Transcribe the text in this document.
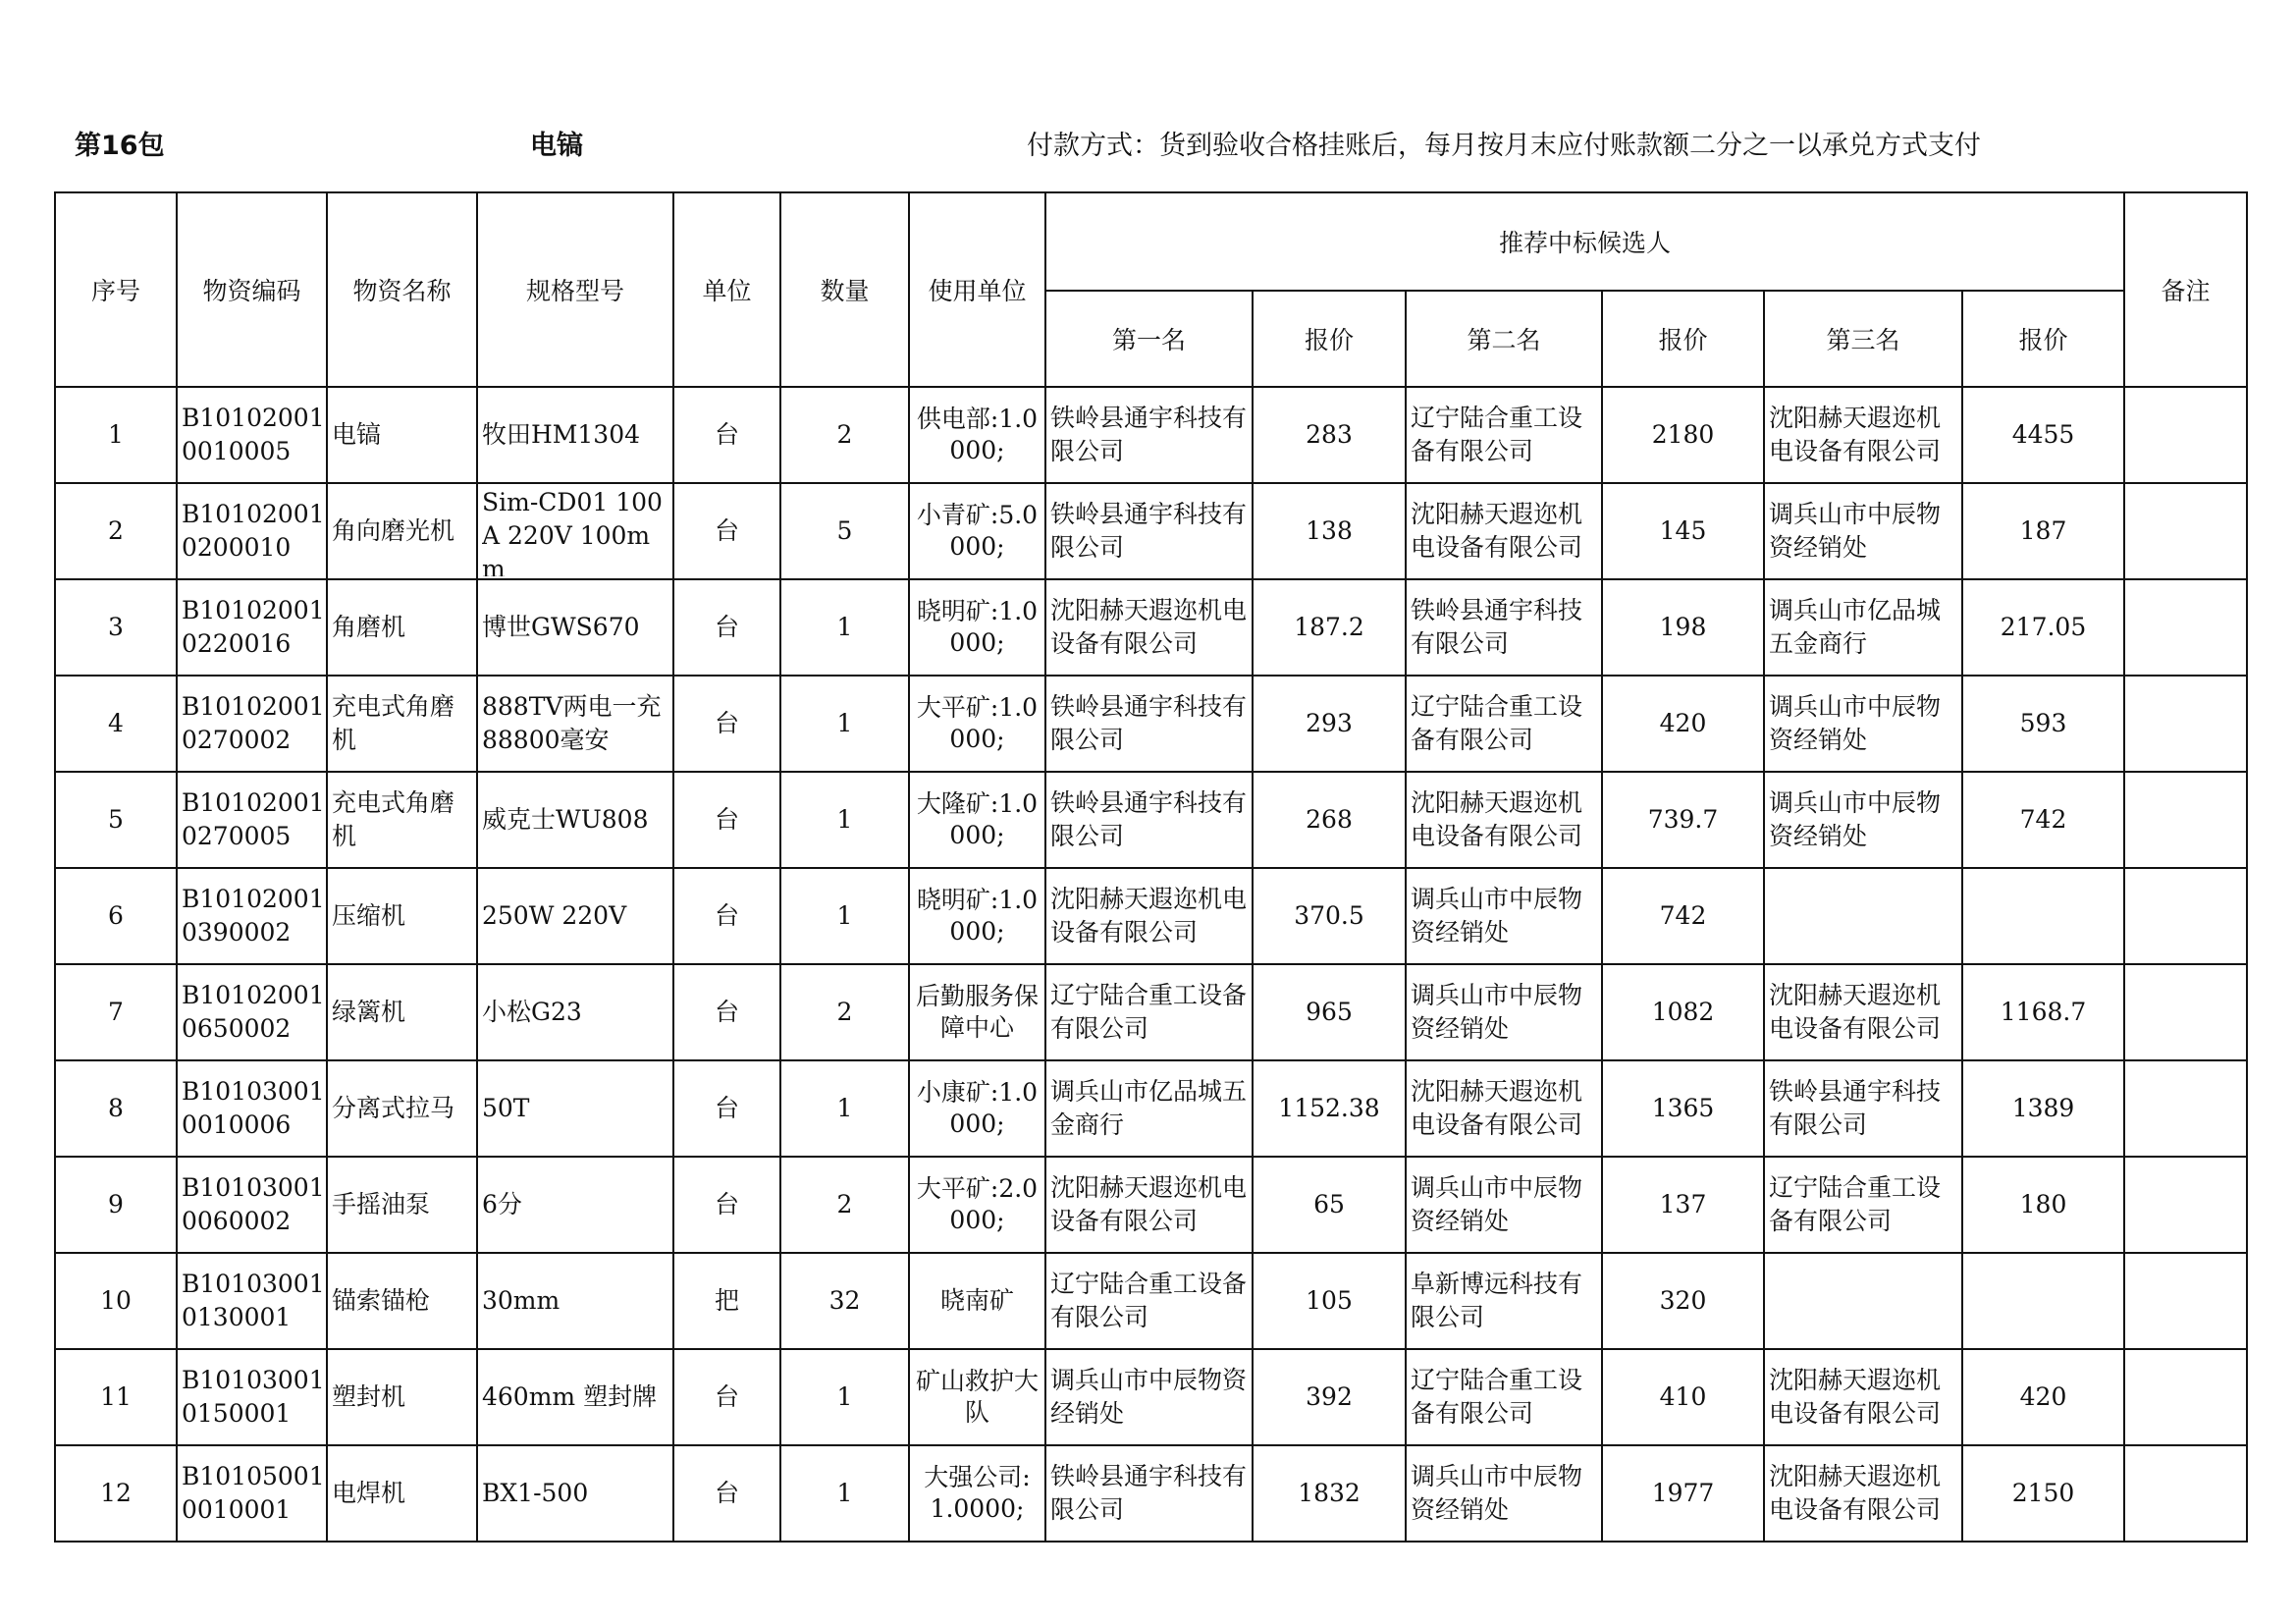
第16包	电镐	付款方式：货到验收合格挂账后，每月按月末应付账款额二分之一以承兑方式支付
序号	物资编码	物资名称	规格型号	单位	数量	使用单位	推荐中标候选人						备注
							第一名	报价	第二名	报价	第三名	报价	

1	B101020010010005	电镐	牧田HM1304	台	2	供电部:1.0000;	铁岭县通宇科技有限公司	283	辽宁陆合重工设备有限公司	2180	沈阳赫天遐迩机电设备有限公司	4455	

2	B101020010200010	角向磨光机	Sim-CD01 100A 220V 100mm	台	5	小青矿:5.0000;	铁岭县通宇科技有限公司	138	沈阳赫天遐迩机电设备有限公司	145	调兵山市中辰物资经销处	187	

3	B101020010220016	角磨机	博世GWS670	台	1	晓明矿:1.0000;	沈阳赫天遐迩机电设备有限公司	187.2	铁岭县通宇科技有限公司	198	调兵山市亿品城五金商行	217.05	

4	B101020010270002	充电式角磨机	888TV两电一充88800毫安	台	1	大平矿:1.0000;	铁岭县通宇科技有限公司	293	辽宁陆合重工设备有限公司	420	调兵山市中辰物资经销处	593	

5	B101020010270005	充电式角磨机	威克士WU808	台	1	大隆矿:1.0000;	铁岭县通宇科技有限公司	268	沈阳赫天遐迩机电设备有限公司	739.7	调兵山市中辰物资经销处	742	

6	B101020010390002	压缩机	250W 220V	台	1	晓明矿:1.0000;	沈阳赫天遐迩机电设备有限公司	370.5	调兵山市中辰物资经销处	742			

7	B101020010650002	绿篱机	小松G23	台	2	后勤服务保障中心	辽宁陆合重工设备有限公司	965	调兵山市中辰物资经销处	1082	沈阳赫天遐迩机电设备有限公司	1168.7	

8	B101030010010006	分离式拉马	50T	台	1	小康矿:1.0000;	调兵山市亿品城五金商行	1152.38	沈阳赫天遐迩机电设备有限公司	1365	铁岭县通宇科技有限公司	1389	

9	B101030010060002	手摇油泵	6分	台	2	大平矿:2.0000;	沈阳赫天遐迩机电设备有限公司	65	调兵山市中辰物资经销处	137	辽宁陆合重工设备有限公司	180	

10	B101030010130001	锚索锚枪	30mm	把	32	晓南矿	辽宁陆合重工设备有限公司	105	阜新博远科技有限公司	320			

11	B101030010150001	塑封机	460mm 塑封牌	台	1	矿山救护大队	调兵山市中辰物资经销处	392	辽宁陆合重工设备有限公司	410	沈阳赫天遐迩机电设备有限公司	420	

12	B101050010010001	电焊机	BX1-500	台	1	大强公司:1.0000;	铁岭县通宇科技有限公司	1832	调兵山市中辰物资经销处	1977	沈阳赫天遐迩机电设备有限公司	2150	
